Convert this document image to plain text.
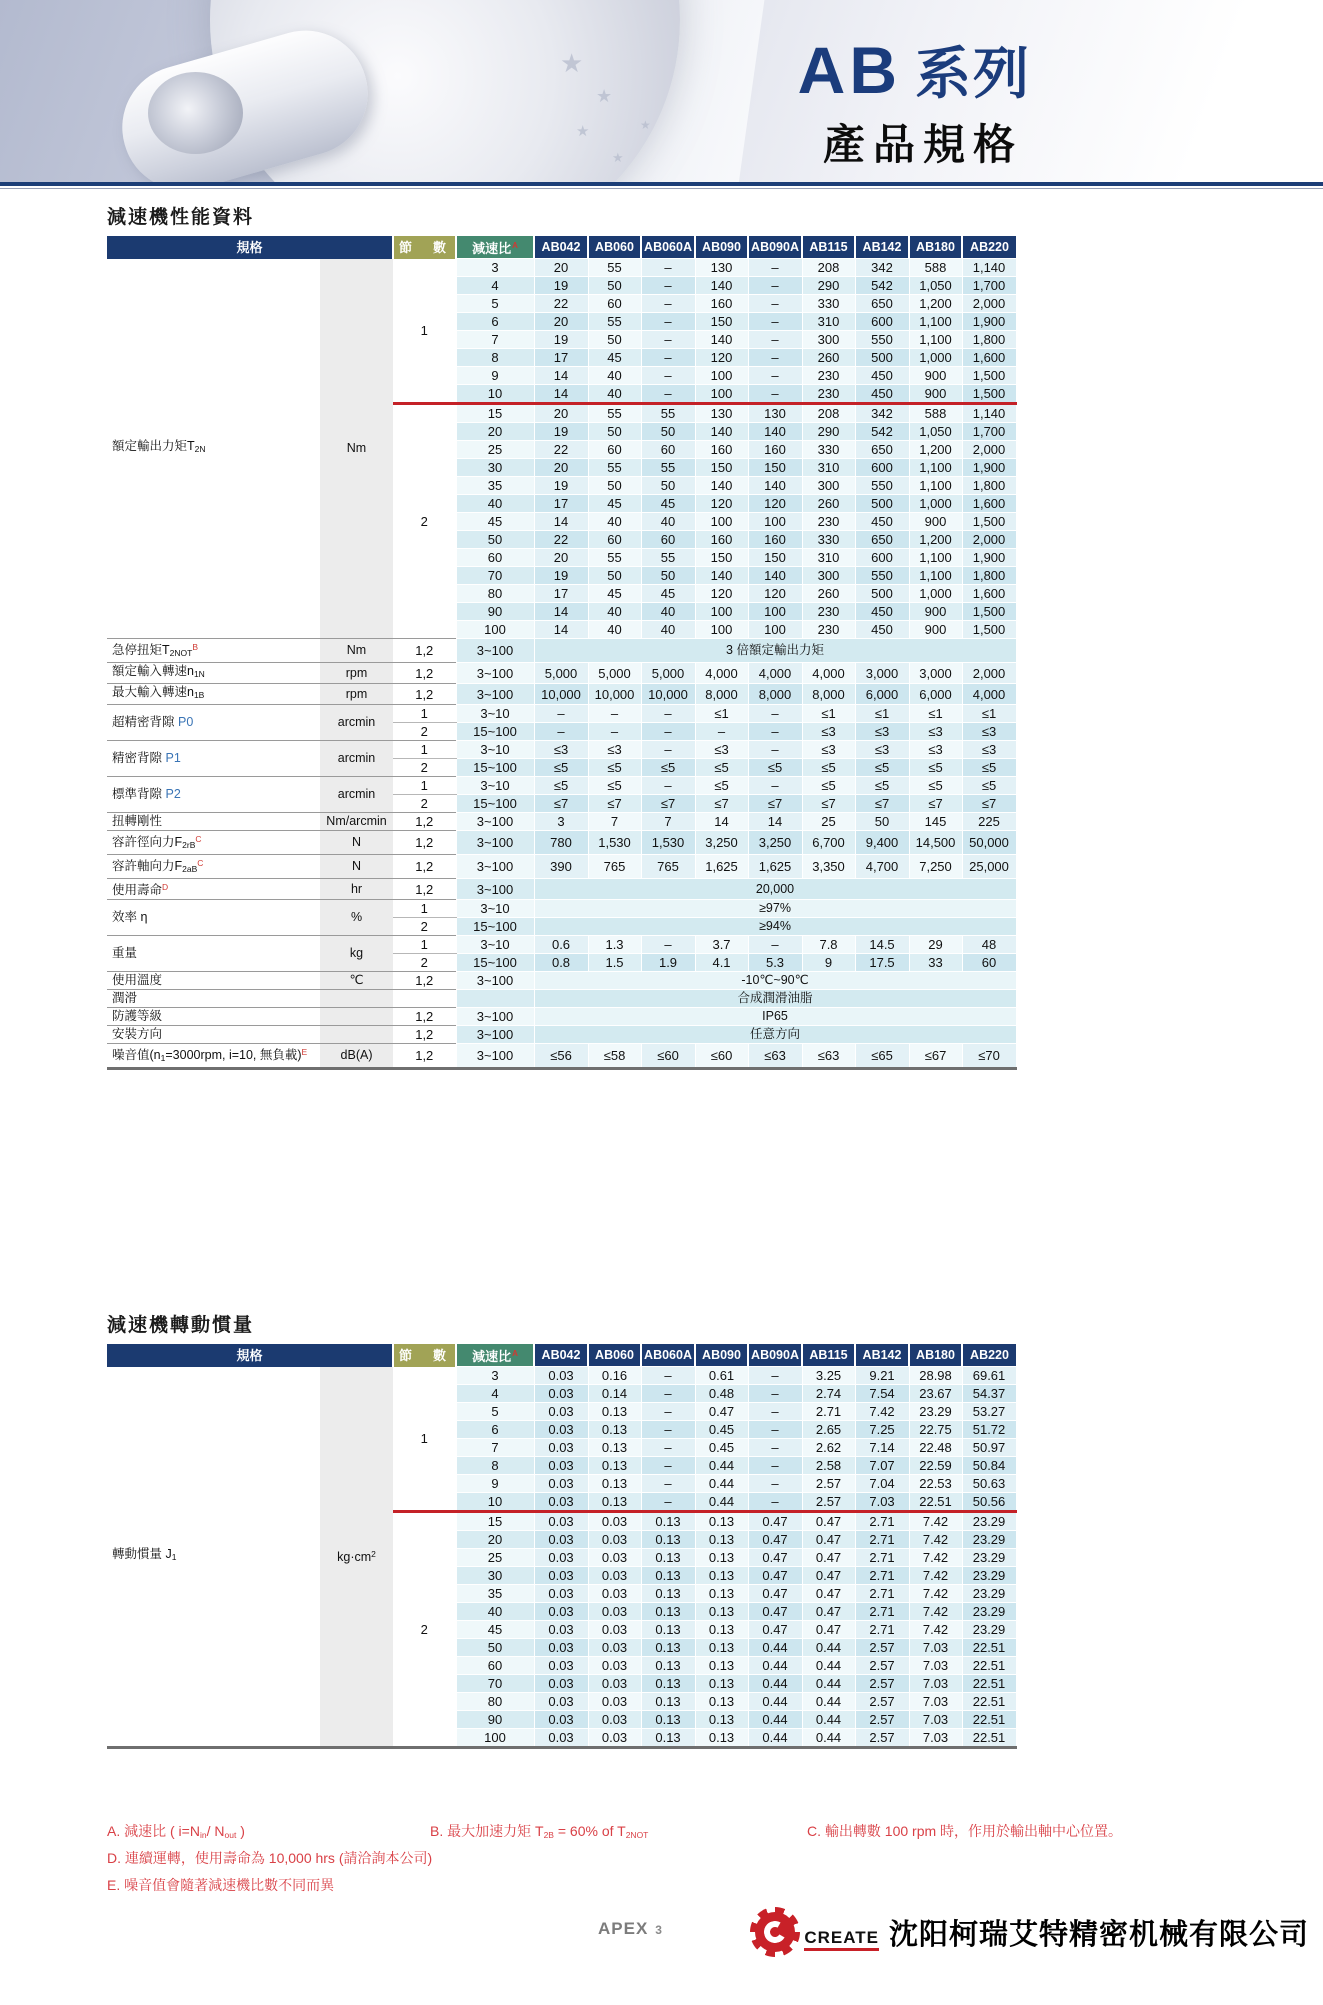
★
★
★
★
★
AB 系列
產品規格
減速機性能資料
規格		節　數	減速比$^A$	AB042	AB060	AB060A	AB090	AB090A	AB115	AB142	AB180	AB220
額定輸出力矩$T_{2N}$	Nm	1	3	20	55	–	130	–	208	342	588	1,140
			4	19	50	–	140	–	290	542	1,050	1,700
			5	22	60	–	160	–	330	650	1,200	2,000
			6	20	55	–	150	–	310	600	1,100	1,900
			7	19	50	–	140	–	300	550	1,100	1,800
			8	17	45	–	120	–	260	500	1,000	1,600
			9	14	40	–	100	–	230	450	900	1,500
			10	14	40	–	100	–	230	450	900	1,500
		2	15	20	55	55	130	130	208	342	588	1,140
			20	19	50	50	140	140	290	542	1,050	1,700
			25	22	60	60	160	160	330	650	1,200	2,000
			30	20	55	55	150	150	310	600	1,100	1,900
			35	19	50	50	140	140	300	550	1,100	1,800
			40	17	45	45	120	120	260	500	1,000	1,600
			45	14	40	40	100	100	230	450	900	1,500
			50	22	60	60	160	160	330	650	1,200	2,000
			60	20	55	55	150	150	310	600	1,100	1,900
			70	19	50	50	140	140	300	550	1,100	1,800
			80	17	45	45	120	120	260	500	1,000	1,600
			90	14	40	40	100	100	230	450	900	1,500
			100	14	40	40	100	100	230	450	900	1,500
急停扭矩$T_{2NOT}^B$	Nm	1,2	3~100	3 倍額定輸出力矩								
額定輸入轉速$n_{1N}$	rpm	1,2	3~100	5,000	5,000	5,000	4,000	4,000	4,000	3,000	3,000	2,000
最大輸入轉速$n_{1B}$	rpm	1,2	3~100	10,000	10,000	10,000	8,000	8,000	8,000	6,000	6,000	4,000
超精密背隙 P0	arcmin	1	3~10	–	–	–	≤1	–	≤1	≤1	≤1	≤1
		2	15~100	–	–	–	–	–	≤3	≤3	≤3	≤3
精密背隙 P1	arcmin	1	3~10	≤3	≤3	–	≤3	–	≤3	≤3	≤3	≤3
		2	15~100	≤5	≤5	≤5	≤5	≤5	≤5	≤5	≤5	≤5
標準背隙 P2	arcmin	1	3~10	≤5	≤5	–	≤5	–	≤5	≤5	≤5	≤5
		2	15~100	≤7	≤7	≤7	≤7	≤7	≤7	≤7	≤7	≤7
扭轉剛性	Nm/arcmin	1,2	3~100	3	7	7	14	14	25	50	145	225
容許徑向力$F_{2rB}^C$	N	1,2	3~100	780	1,530	1,530	3,250	3,250	6,700	9,400	14,500	50,000
容許軸向力$F_{2aB}^C$	N	1,2	3~100	390	765	765	1,625	1,625	3,350	4,700	7,250	25,000
使用壽命$^D$	hr	1,2	3~100	20,000								
效率 η	%	1	3~10	≥97%								
		2	15~100	≥94%								
重量	kg	1	3~10	0.6	1.3	–	3.7	–	7.8	14.5	29	48
		2	15~100	0.8	1.5	1.9	4.1	5.3	9	17.5	33	60
使用溫度	℃	1,2	3~100	-10℃~90℃								
潤滑				合成潤滑油脂								
防護等級		1,2	3~100	IP65								
安裝方向		1,2	3~100	任意方向								
噪音值($n_1=3000rpm$, i=10, 無負載)$^E$	dB(A)	1,2	3~100	≤56	≤58	≤60	≤60	≤63	≤63	≤65	≤67	≤70
減速機轉動慣量
規格		節　數	減速比$^A$	AB042	AB060	AB060A	AB090	AB090A	AB115	AB142	AB180	AB220
轉動慣量 $J_1$	$kg\cdot cm^2$	1	3	0.03	0.16	–	0.61	–	3.25	9.21	28.98	69.61
			4	0.03	0.14	–	0.48	–	2.74	7.54	23.67	54.37
			5	0.03	0.13	–	0.47	–	2.71	7.42	23.29	53.27
			6	0.03	0.13	–	0.45	–	2.65	7.25	22.75	51.72
			7	0.03	0.13	–	0.45	–	2.62	7.14	22.48	50.97
			8	0.03	0.13	–	0.44	–	2.58	7.07	22.59	50.84
			9	0.03	0.13	–	0.44	–	2.57	7.04	22.53	50.63
			10	0.03	0.13	–	0.44	–	2.57	7.03	22.51	50.56
		2	15	0.03	0.03	0.13	0.13	0.47	0.47	2.71	7.42	23.29
			20	0.03	0.03	0.13	0.13	0.47	0.47	2.71	7.42	23.29
			25	0.03	0.03	0.13	0.13	0.47	0.47	2.71	7.42	23.29
			30	0.03	0.03	0.13	0.13	0.47	0.47	2.71	7.42	23.29
			35	0.03	0.03	0.13	0.13	0.47	0.47	2.71	7.42	23.29
			40	0.03	0.03	0.13	0.13	0.47	0.47	2.71	7.42	23.29
			45	0.03	0.03	0.13	0.13	0.47	0.47	2.71	7.42	23.29
			50	0.03	0.03	0.13	0.13	0.44	0.44	2.57	7.03	22.51
			60	0.03	0.03	0.13	0.13	0.44	0.44	2.57	7.03	22.51
			70	0.03	0.03	0.13	0.13	0.44	0.44	2.57	7.03	22.51
			80	0.03	0.03	0.13	0.13	0.44	0.44	2.57	7.03	22.51
			90	0.03	0.03	0.13	0.13	0.44	0.44	2.57	7.03	22.51
			100	0.03	0.03	0.13	0.13	0.44	0.44	2.57	7.03	22.51
A. 減速比 ( $i=N_{in}/$ $N_{out}$ )	B. 最大加速力矩 $T_{2B} = 60\%$ of $T_{2NOT}$	C. 輸出轉數 100 rpm 時，作用於輸出軸中心位置。
D. 連續運轉，使用壽命為 10,000 hrs (請洽詢本公司)
E. 噪音值會隨著減速機比數不同而異
APEX 3	CREATE 沈阳柯瑞艾特精密机械有限公司
